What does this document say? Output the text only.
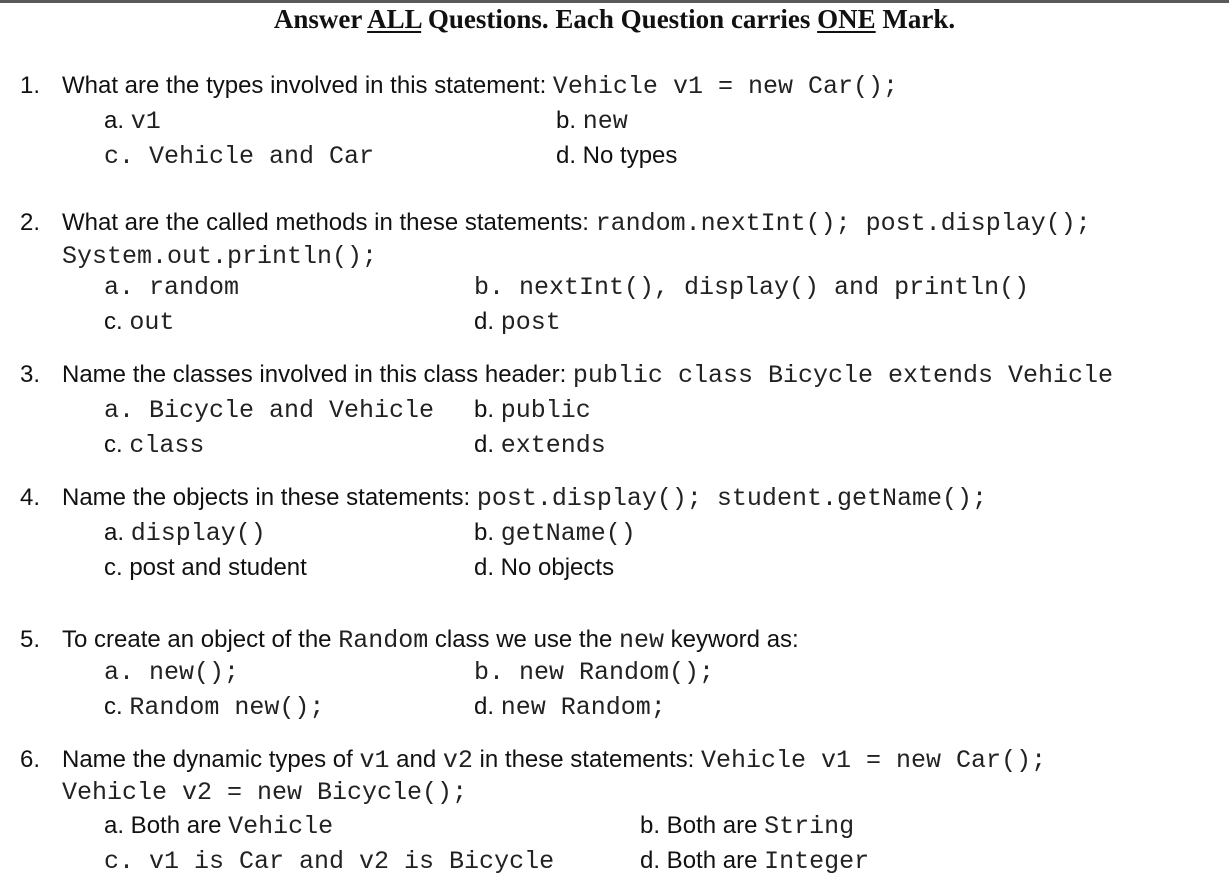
Answer ALL Questions. Each Question carries ONE Mark.
1. What are the types involved in this statement: Vehicle v1 = new Car();
a. v1	b. new
c. Vehicle and Car	d. No types
2. What are the called methods in these statements: random.nextInt(); post.display();
System.out.println();
a. random	b. nextInt(), display() and println()
c. out	d. post
3. Name the classes involved in this class header: public class Bicycle extends Vehicle
a. Bicycle and Vehicle b. public
c. class	d. extends
4. Name the objects in these statements: post.display(); student.getName();
a. display()	b. getName()
c. post and student	d. No objects
5. To create an object of the Random class we use the new keyword as:
a. new();	b. new Random();
c. Random new();	d. new Random;
6. Name the dynamic types of v1 and v2 in these statements: Vehicle v1 = new Car();
Vehicle v2 = new Bicycle();
a. Both are Vehicle	b. Both are String
c. v1 is Car and v2 is Bicycle	d. Both are Integer
